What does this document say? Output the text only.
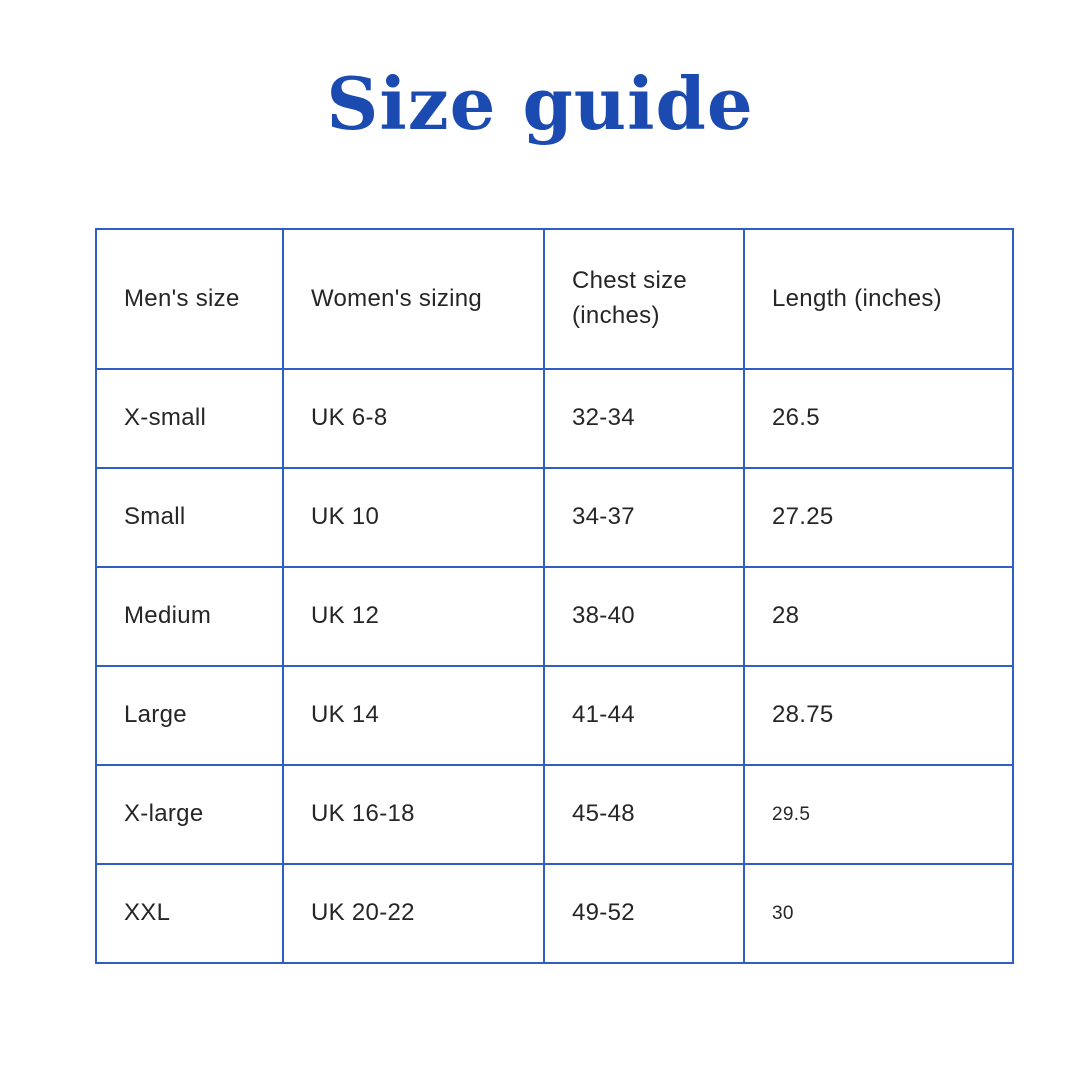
Size guide
Men's size	Women's sizing	Chest size (inches)	Length (inches)
X-small	UK 6-8	32-34	26.5
Small	UK 10	34-37	27.25
Medium	UK 12	38-40	28
Large	UK 14	41-44	28.75
X-large	UK 16-18	45-48	29.5
XXL	UK 20-22	49-52	30
